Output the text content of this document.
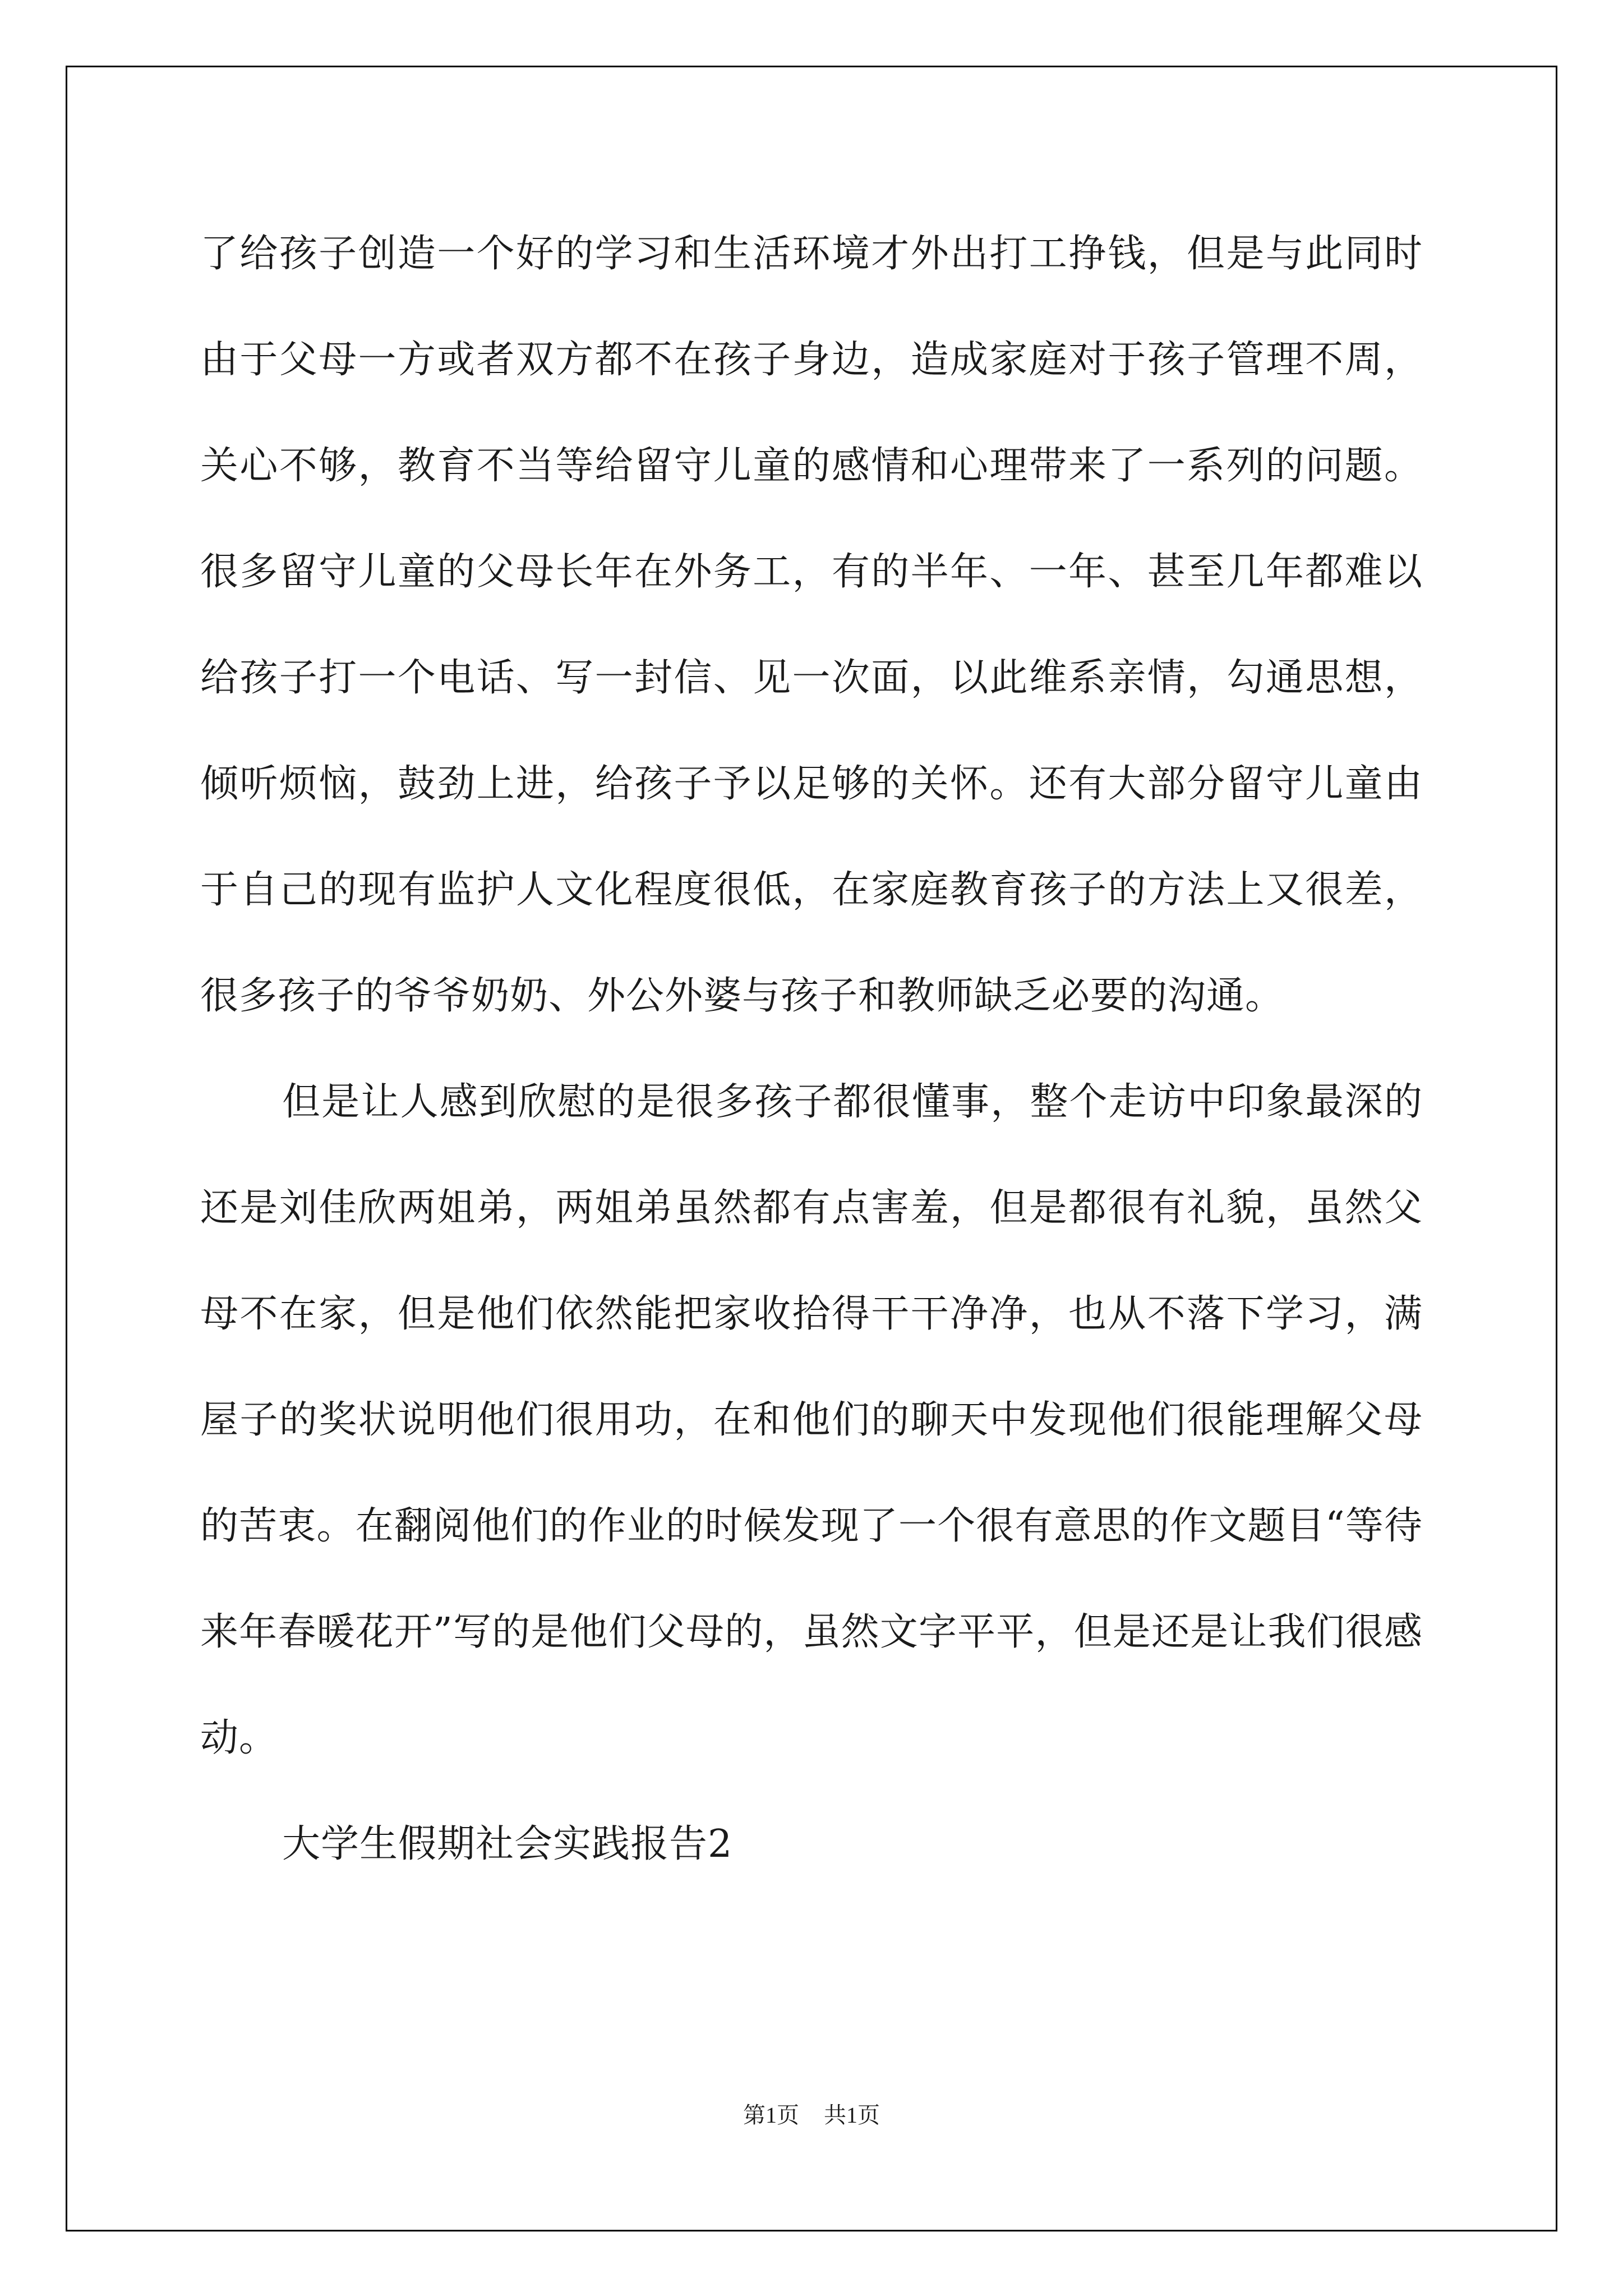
了给孩子创造一个好的学习和生活环境才外出打工挣钱，但是与此同时由于父母一方或者双方都不在孩子身边，造成家庭对于孩子管理不周，关心不够，教育不当等给留守儿童的感情和心理带来了一系列的问题。很多留守儿童的父母长年在外务工，有的半年、一年、甚至几年都难以给孩子打一个电话、写一封信、见一次面，以此维系亲情，勾通思想，倾听烦恼，鼓劲上进，给孩子予以足够的关怀。还有大部分留守儿童由于自己的现有监护人文化程度很低，在家庭教育孩子的方法上又很差，很多孩子的爷爷奶奶、外公外婆与孩子和教师缺乏必要的沟通。

但是让人感到欣慰的是很多孩子都很懂事，整个走访中印象最深的还是刘佳欣两姐弟，两姐弟虽然都有点害羞，但是都很有礼貌，虽然父母不在家，但是他们依然能把家收拾得干干净净，也从不落下学习，满屋子的奖状说明他们很用功，在和他们的聊天中发现他们很能理解父母的苦衷。在翻阅他们的作业的时候发现了一个很有意思的作文题目“等待来年春暖花开”写的是他们父母的，虽然文字平平，但是还是让我们很感动。

大学生假期社会实践报告2

第1页 共1页
